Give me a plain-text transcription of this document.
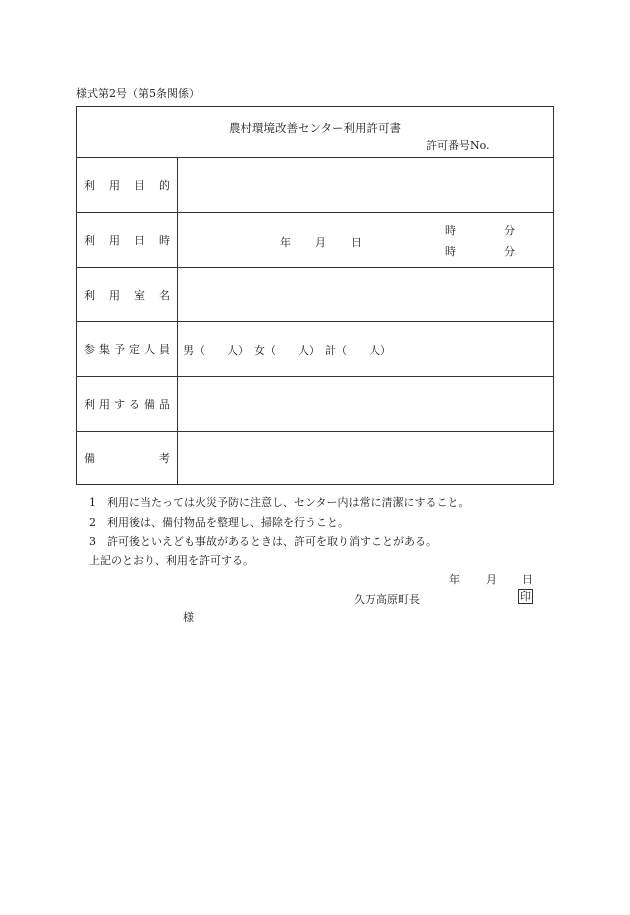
様式第2号（第5条関係）
農村環境改善センター利用許可書
許可番号No.
利 用 目 的
利 用 日 時	年 月 日
時	分
時	分
利 用 室 名
参 集 予 定 人 員 男（　　人） 女（　　人） 計（　　人）
利 用 す る 備 品
備	考
1　利用に当たっては火災予防に注意し、センター内は常に清潔にすること。
2　利用後は、備付物品を整理し、掃除を行うこと。
3　許可後といえども事故があるときは、許可を取り消すことがある。
上記のとおり、利用を許可する。
年 月 日
久万高原町長	印
様
